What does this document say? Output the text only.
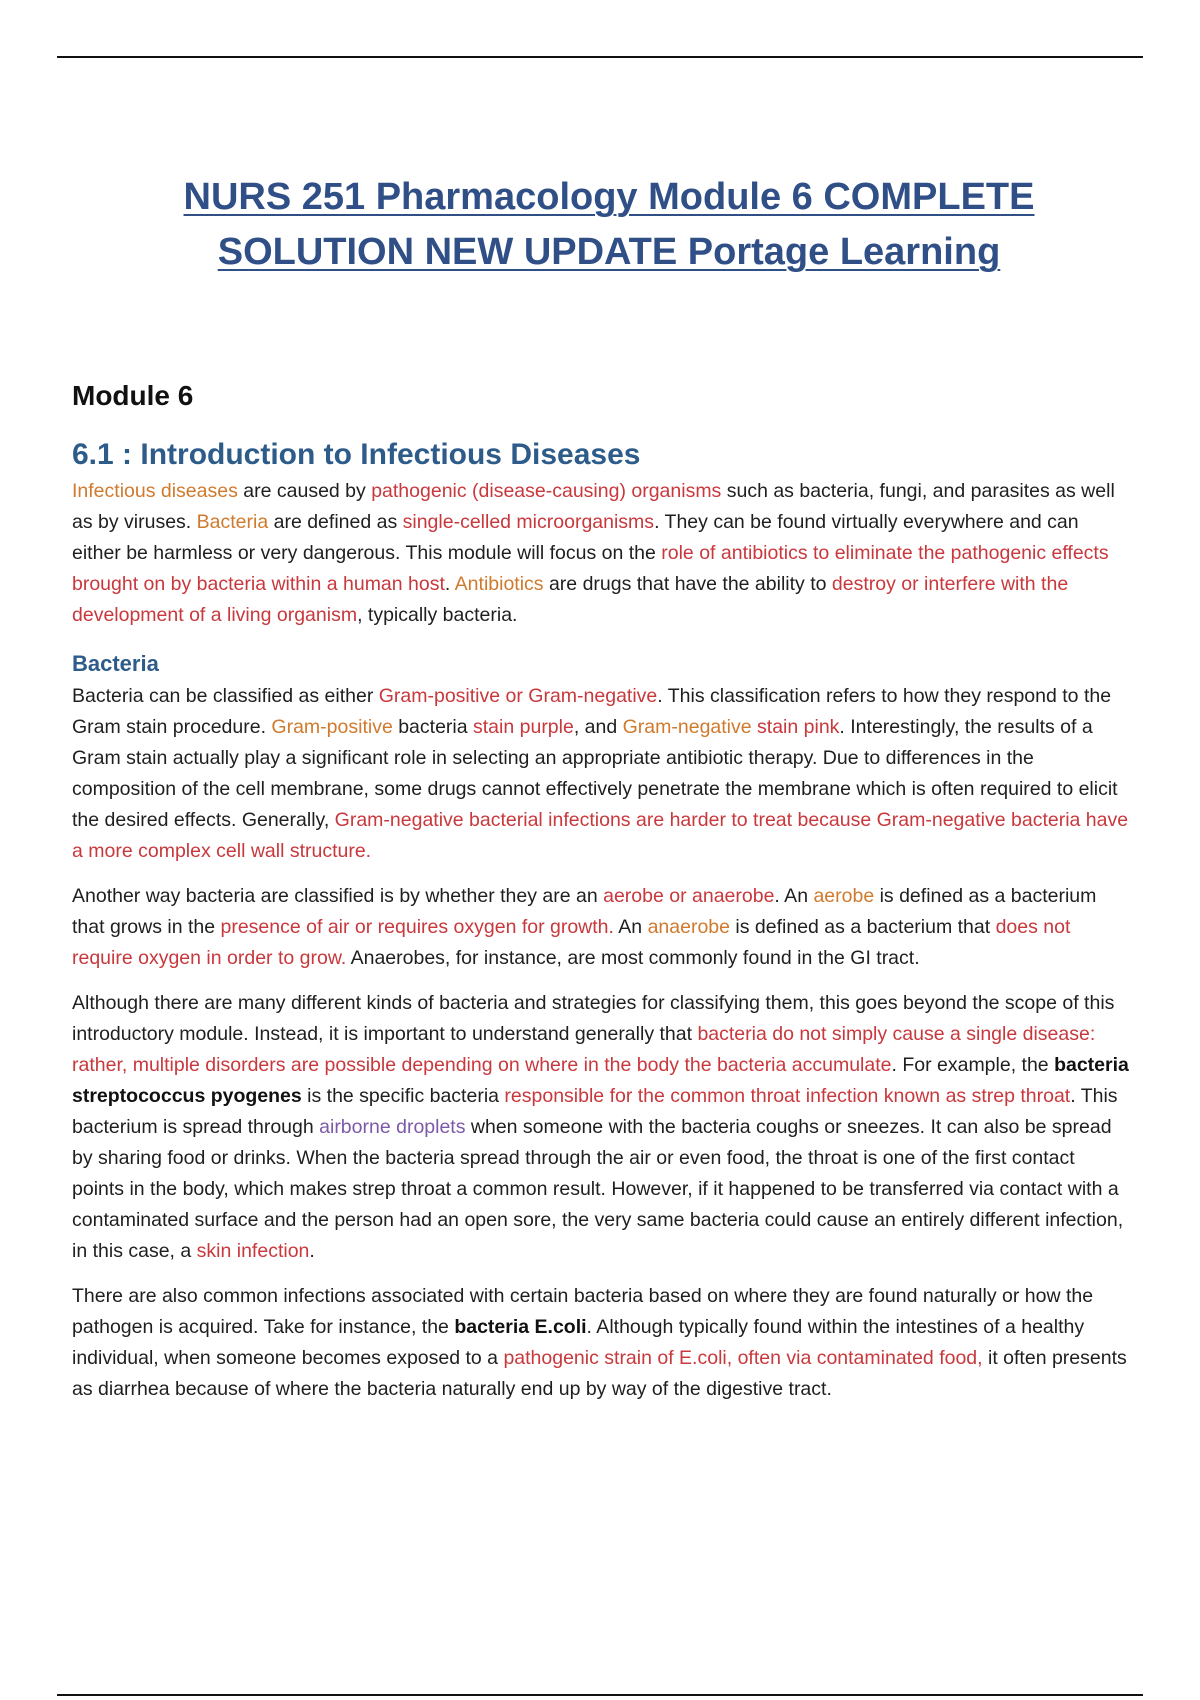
NURS 251 Pharmacology Module 6 COMPLETE
SOLUTION NEW UPDATE Portage Learning
Module 6
6.1 : Introduction to Infectious Diseases

Infectious diseases are caused by pathogenic (disease-causing) organisms such as bacteria, fungi, and parasites as well as by viruses. Bacteria are defined as single-celled microorganisms. They can be found virtually everywhere and can either be harmless or very dangerous. This module will focus on the role of antibiotics to eliminate the pathogenic effects brought on by bacteria within a human host. Antibiotics are drugs that have the ability to destroy or interfere with the development of a living organism, typically bacteria.

Bacteria

Bacteria can be classified as either Gram-positive or Gram-negative. This classification refers to how they respond to the Gram stain procedure. Gram-positive bacteria stain purple, and Gram-negative stain pink. Interestingly, the results of a Gram stain actually play a significant role in selecting an appropriate antibiotic therapy. Due to differences in the composition of the cell membrane, some drugs cannot effectively penetrate the membrane which is often required to elicit the desired effects. Generally, Gram-negative bacterial infections are harder to treat because Gram-negative bacteria have a more complex cell wall structure.

Another way bacteria are classified is by whether they are an aerobe or anaerobe. An aerobe is defined as a bacterium that grows in the presence of air or requires oxygen for growth. An anaerobe is defined as a bacterium that does not require oxygen in order to grow. Anaerobes, for instance, are most commonly found in the GI tract.

Although there are many different kinds of bacteria and strategies for classifying them, this goes beyond the scope of this introductory module. Instead, it is important to understand generally that bacteria do not simply cause a single disease: rather, multiple disorders are possible depending on where in the body the bacteria accumulate. For example, the bacteria streptococcus pyogenes is the specific bacteria responsible for the common throat infection known as strep throat. This bacterium is spread through airborne droplets when someone with the bacteria coughs or sneezes. It can also be spread by sharing food or drinks. When the bacteria spread through the air or even food, the throat is one of the first contact points in the body, which makes strep throat a common result. However, if it happened to be transferred via contact with a contaminated surface and the person had an open sore, the very same bacteria could cause an entirely different infection, in this case, a skin infection.

There are also common infections associated with certain bacteria based on where they are found naturally or how the pathogen is acquired. Take for instance, the bacteria E.coli. Although typically found within the intestines of a healthy individual, when someone becomes exposed to a pathogenic strain of E.coli, often via contaminated food, it often presents as diarrhea because of where the bacteria naturally end up by way of the digestive tract.
